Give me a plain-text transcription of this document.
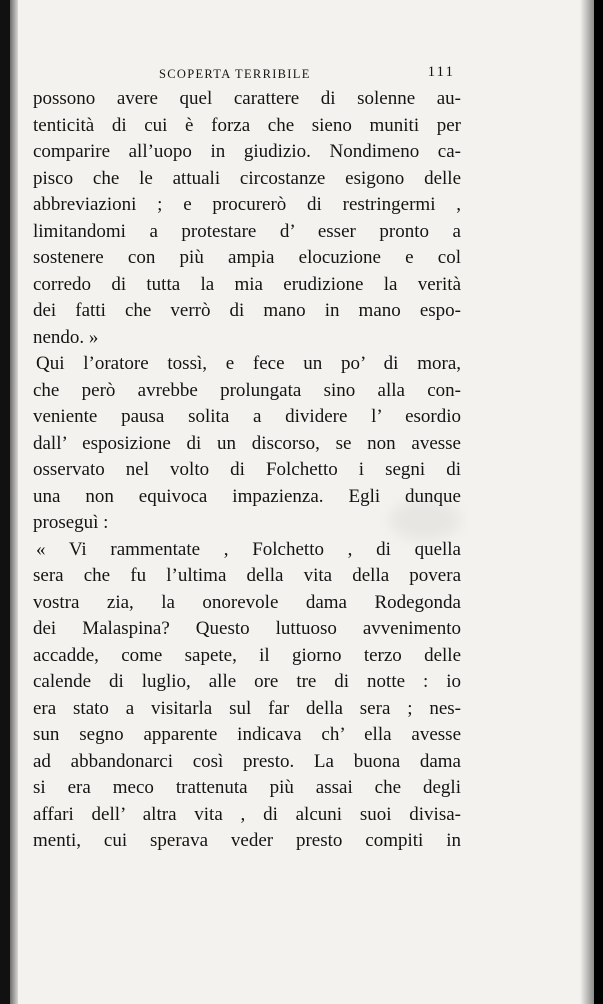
SCOPERTA TERRIBILE	111
possono avere quel carattere di solenne au-
tenticità di cui è forza che sieno muniti per
comparire all’uopo in giudizio. Nondimeno ca-
pisco che le attuali circostanze esigono delle
abbreviazioni ; e procurerò di restringermi ,
limitandomi a protestare d’ esser pronto a
sostenere con più ampia elocuzione e col
corredo di tutta la mia erudizione la verità
dei fatti che verrò di mano in mano espo-
nendo. »
Qui l’oratore tossì, e fece un po’ di mora,
che però avrebbe prolungata sino alla con-
veniente pausa solita a dividere l’ esordio
dall’ esposizione di un discorso, se non avesse
osservato nel volto di Folchetto i segni di
una non equivoca impazienza. Egli dunque
proseguì :
« Vi rammentate , Folchetto , di quella
sera che fu l’ultima della vita della povera
vostra zia, la onorevole dama Rodegonda
dei Malaspina? Questo luttuoso avvenimento
accadde, come sapete, il giorno terzo delle
calende di luglio, alle ore tre di notte : io
era stato a visitarla sul far della sera ; nes-
sun segno apparente indicava ch’ ella avesse
ad abbandonarci così presto. La buona dama
si era meco trattenuta più assai che degli
affari dell’ altra vita , di alcuni suoi divisa-
menti, cui sperava veder presto compiti in
